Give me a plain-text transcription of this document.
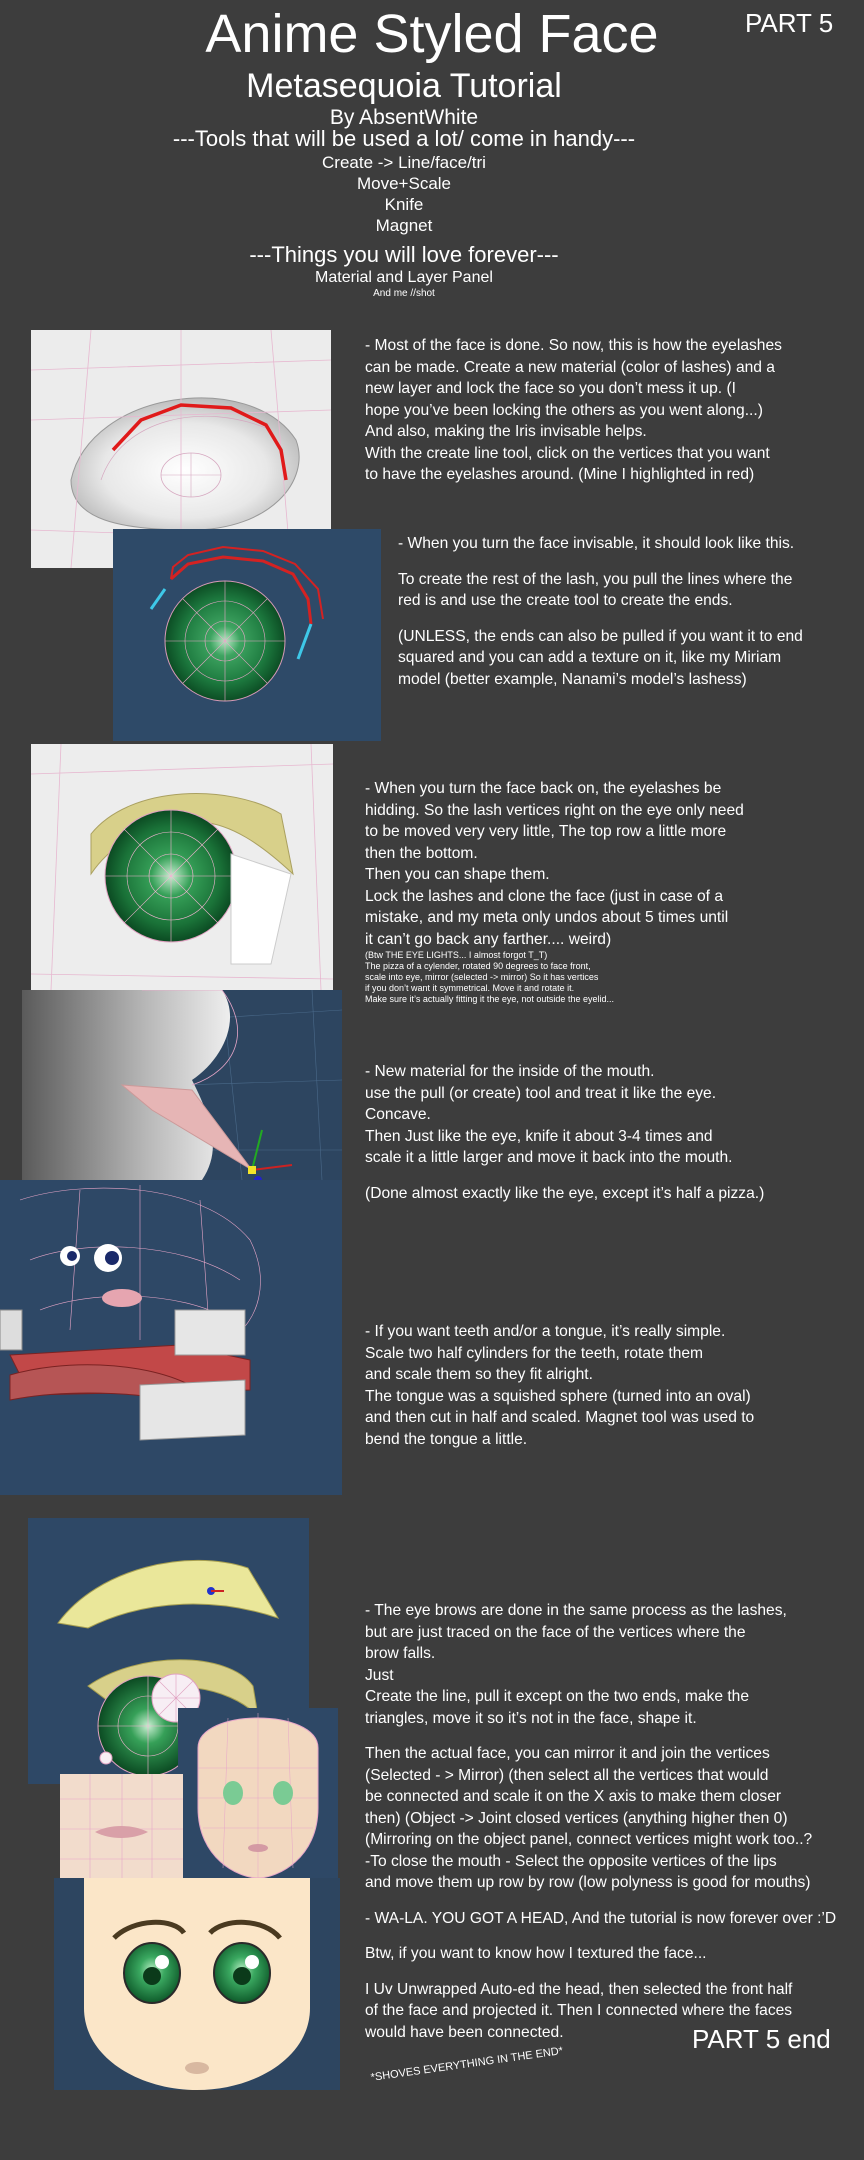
Anime Styled Face	PART 5
Metasequoia Tutorial
By AbsentWhite
---Tools that will be used a lot/ come in handy---
Create -> Line/face/tri
Move+Scale
Knife
Magnet
---Things you will love forever---
Material and Layer Panel
And me //shot
- Most of the face is done. So now, this is how the eyelashes
can be made. Create a new material (color of lashes) and a
new layer and lock the face so you don’t mess it up. (I
hope you’ve been locking the others as you went along...)
And also, making the Iris invisable helps.
With the create line tool, click on the vertices that you want
to have the eyelashes around. (Mine I highlighted in red)
- When you turn the face invisable, it should look like this.
To create the rest of the lash, you pull the lines where the
red is and use the create tool to create the ends.
(UNLESS, the ends can also be pulled if you want it to end
squared and you can add a texture on it, like my Miriam
model (better example, Nanami’s model’s lashess)
- When you turn the face back on, the eyelashes be
hidding. So the lash vertices right on the eye only need
to be moved very very little, The top row a little more
then the bottom.
Then you can shape them.
Lock the lashes and clone the face (just in case of a
mistake, and my meta only undos about 5 times until
it can’t go back any farther.... weird)
(Btw THE EYE LIGHTS... I almost forgot T_T)
The pizza of a cylender, rotated 90 degrees to face front,
scale into eye, mirror (selected -> mirror) So it has vertices
if you don’t want it symmetrical. Move it and rotate it.
Make sure it’s actually fitting it the eye, not outside the eyelid...
- New material for the inside of the mouth.
use the pull (or create) tool and treat it like the eye.
Concave.
Then Just like the eye, knife it about 3-4 times and
scale it a little larger and move it back into the mouth.
(Done almost exactly like the eye, except it’s half a pizza.)
- If you want teeth and/or a tongue, it’s really simple.
Scale two half cylinders for the teeth, rotate them
and scale them so they fit alright.
The tongue was a squished sphere (turned into an oval)
and then cut in half and scaled. Magnet tool was used to
bend the tongue a little.
- The eye brows are done in the same process as the lashes,
but are just traced on the face of the vertices where the
brow falls.
Just
Create the line, pull it except on the two ends, make the
triangles, move it so it’s not in the face, shape it.
Then the actual face, you can mirror it and join the vertices
(Selected - > Mirror) (then select all the vertices that would
be connected and scale it on the X axis to make them closer
then) (Object -> Joint closed vertices (anything higher then 0)
(Mirroring on the object panel, connect vertices might work too..?
-To close the mouth - Select the opposite vertices of the lips
and move them up row by row (low polyness is good for mouths)
- WA-LA. YOU GOT A HEAD, And the tutorial is now forever over :’D
Btw, if you want to know how I textured the face...
I Uv Unwrapped Auto-ed the head, then selected the front half
of the face and projected it. Then I connected where the faces
would have been connected.	PART 5 end
*SHOVES EVERYTHING IN THE END*
